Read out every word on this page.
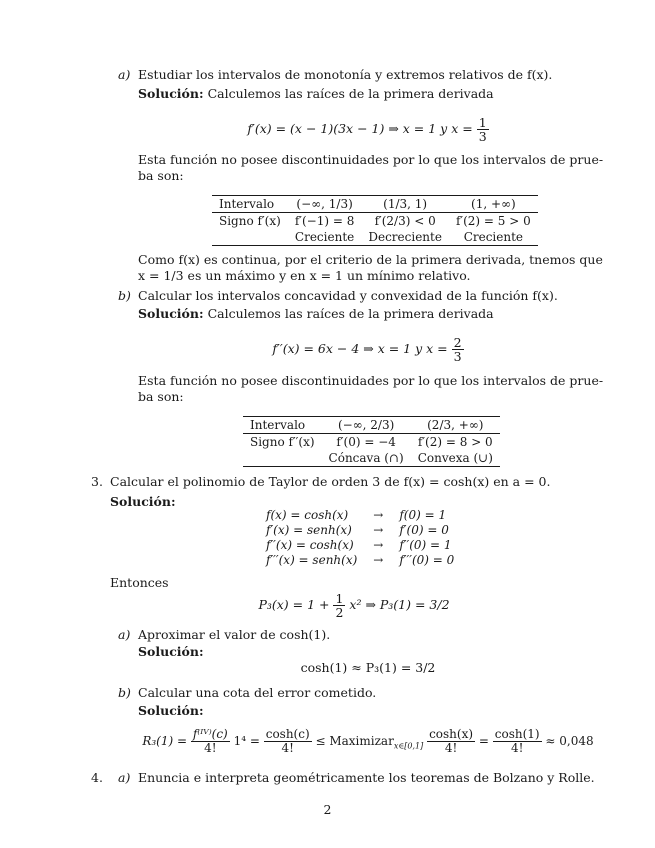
a) Estudiar los intervalos de monotonía y extremos relativos de f(x).
Solución: Calculemos las raíces de la primera derivada
f′(x) = (x − 1)(3x − 1) ⇒ x = 1 y $x = \frac{1}{3}$
Esta función no posee discontinuidades por lo que los intervalos de prue-
ba son:
Intervalo	(−∞, 1/3)	(1/3, 1)	(1, +∞)
Signo f′(x)	f′(−1) = 8	f′(2/3) < 0	f′(2) = 5 > 0
	Creciente	Decreciente	Creciente
Como f(x) es continua, por el criterio de la primera derivada, tnemos que
x = 1/3 es un máximo y en x = 1 un mínimo relativo.
b) Calcular los intervalos concavidad y convexidad de la función f(x).
Solución: Calculemos las raíces de la primera derivada
f′′(x) = 6x − 4 ⇒ x = 1 y $x = \frac{2}{3}$
Esta función no posee discontinuidades por lo que los intervalos de prue-
ba son:
Intervalo	(−∞, 2/3)	(2/3, +∞)
Signo f′′(x)	f′(0) = −4	f′(2) = 8 > 0
	Cóncava (∩)	Convexa (∪)
3. Calcular el polinomio de Taylor de orden 3 de f(x) = cosh(x) en a = 0.
Solución:
f(x) = cosh(x)	→	f(0) = 1
f′(x) = senh(x)	→	f′(0) = 0
f′′(x) = cosh(x)	→	f′′(0) = 1
f′′′(x) = senh(x)	→	f′′′(0) = 0
Entonces
$P_3(x) = 1 + \frac{1}{2} x^2$ ⇒ P₃(1) = 3/2
a) Aproximar el valor de cosh(1).
Solución:
cosh(1) ≈ P₃(1) = 3/2
b) Calcular una cota del error cometido.
Solución:
$R_3(1) = \frac{\text{f⁽ᴵⱽ⁾(c)}}{4!} 1^4 = \frac{\cosh(c)}{4!}$ ≤ Maximizar$_{x\in[0,1]}$ $\frac{\cosh(x)}{4!} = \frac{\cosh(1)}{4!} \approx 0,048$
4. a) Enuncia e interpreta geométricamente los teoremas de Bolzano y Rolle.
2
